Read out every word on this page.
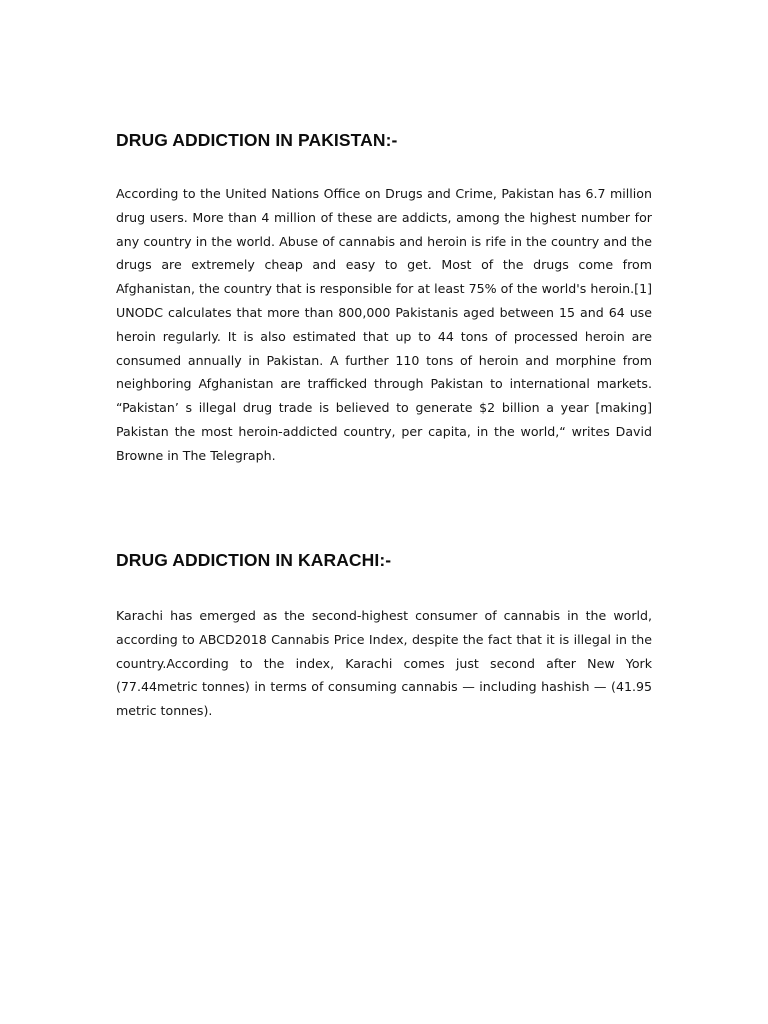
DRUG ADDICTION IN PAKISTAN:-

According to the United Nations Office on Drugs and Crime, Pakistan has 6.7 million drug users. More than 4 million of these are addicts, among the highest number for any country in the world. Abuse of cannabis and heroin is rife in the country and the drugs are extremely cheap and easy to get. Most of the drugs come from Afghanistan, the country that is responsible for at least 75% of the world's heroin.[1] UNODC calculates that more than 800,000 Pakistanis aged between 15 and 64 use heroin regularly. It is also estimated that up to 44 tons of processed heroin are consumed annually in Pakistan. A further 110 tons of heroin and morphine from neighboring Afghanistan are trafficked through Pakistan to international markets. “Pakistan’ s illegal drug trade is believed to generate $2 billion a year [making] Pakistan the most heroin-addicted country, per capita, in the world,“ writes David Browne in The Telegraph.

DRUG ADDICTION IN KARACHI:-

Karachi has emerged as the second-highest consumer of cannabis in the world, according to ABCD2018 Cannabis Price Index, despite the fact that it is illegal in the country.According to the index, Karachi comes just second after New York (77.44metric tonnes) in terms of consuming cannabis — including hashish — (41.95 metric tonnes).
